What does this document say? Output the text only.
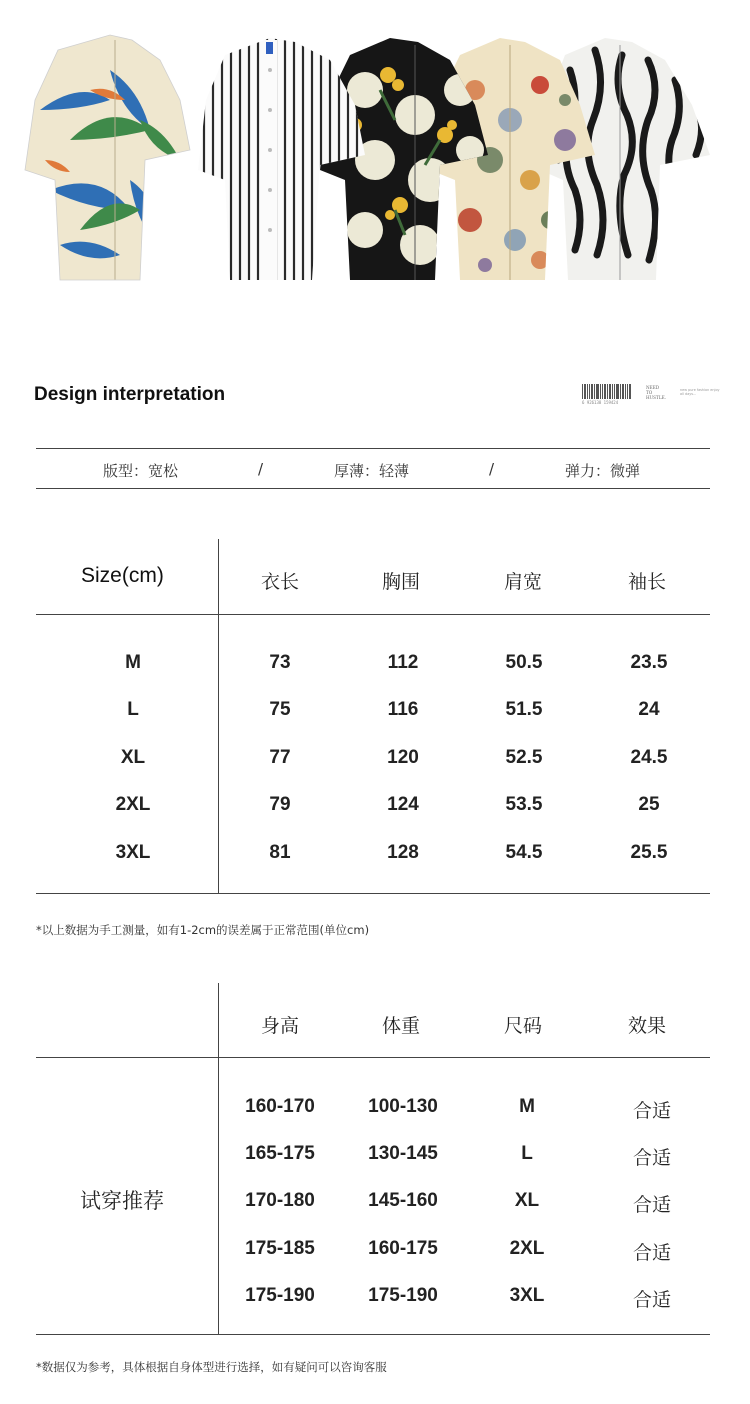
Design interpretation	6 926138 159424
NEED
TO
HUSTLE.
new pure fashion enjoy all days...
版型：宽松	/	厚薄：轻薄	/	弹力：微弹
Size(cm)	衣长	胸围	肩宽	袖长
M	73	112	50.5	23.5
L	75	116	51.5	24
XL	77	120	52.5	24.5
2XL	79	124	53.5	25
3XL	81	128	54.5	25.5
*以上数据为手工测量，如有1-2cm的误差属于正常范围(单位cm)
身高	体重	尺码	效果
试穿推荐
160-170	100-130	M	合适
165-175	130-145	L	合适
170-180	145-160	XL	合适
175-185	160-175	2XL	合适
175-190	175-190	3XL	合适
*数据仅为参考，具体根据自身体型进行选择，如有疑问可以咨询客服
